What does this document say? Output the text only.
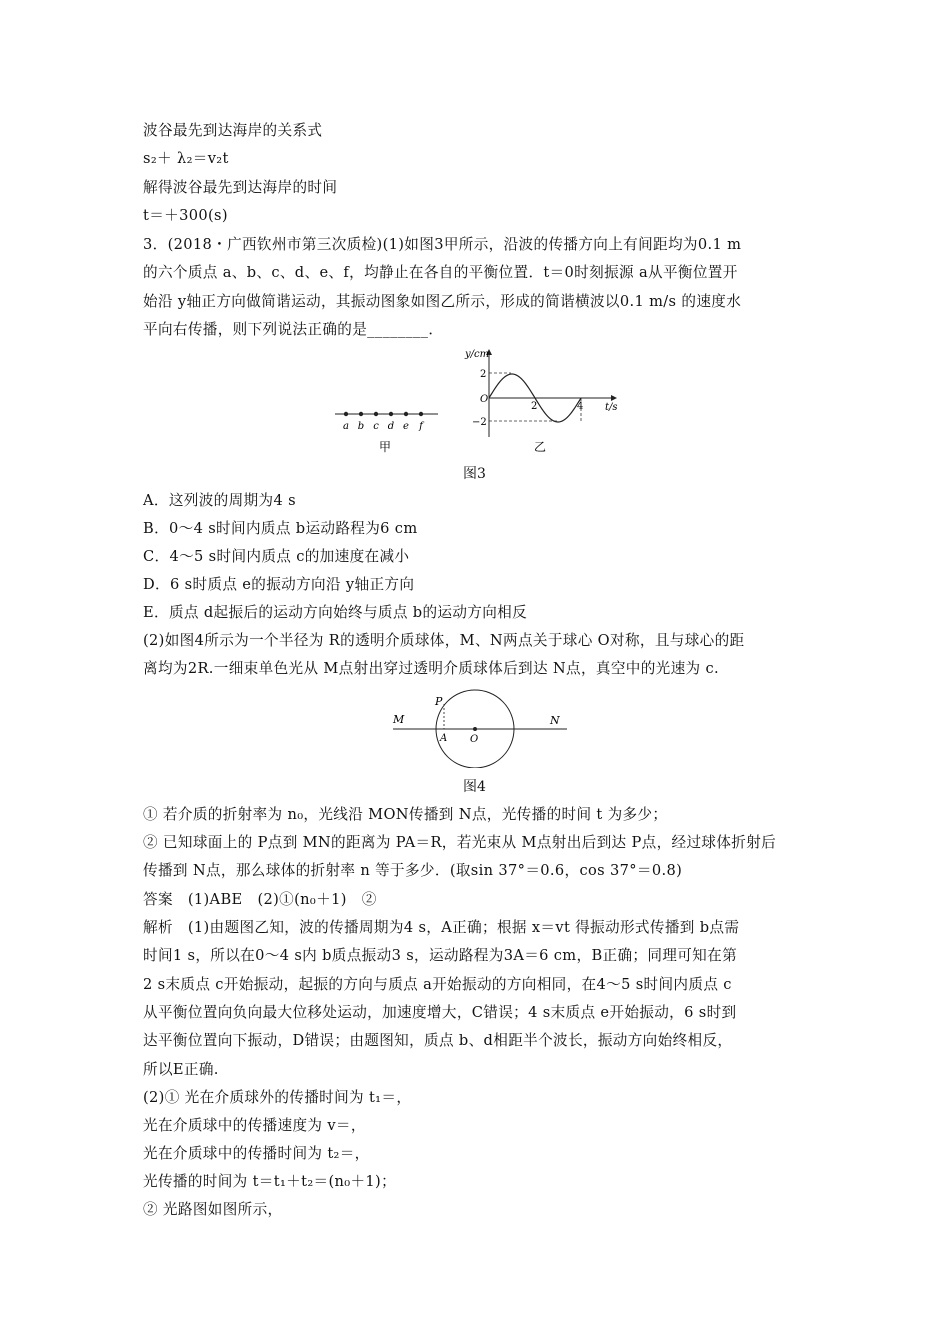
波谷最先到达海岸的关系式
s₂＋ λ₂＝v₂t
解得波谷最先到达海岸的时间
t＝＋300(s)
3．(2018・广西钦州市第三次质检)(1)如图3甲所示，沿波的传播方向上有间距均为0.1 m
的六个质点 a、b、c、d、e、f，均静止在各自的平衡位置．t＝0时刻振源 a从平衡位置开
始沿 y轴正方向做简谐运动，其振动图象如图乙所示，形成的简谐横波以0.1 m/s 的速度水
平向右传播，则下列说法正确的是________．
a b c d e f
甲
y/cm
t/s
O
2
−2
2	4
乙
图3
A．这列波的周期为4 s
B．0～4 s时间内质点 b运动路程为6 cm
C．4～5 s时间内质点 c的加速度在减小
D．6 s时质点 e的振动方向沿 y轴正方向
E．质点 d起振后的运动方向始终与质点 b的运动方向相反
(2)如图4所示为一个半径为 R的透明介质球体，M、N两点关于球心 O对称，且与球心的距
离均为2R.一细束单色光从 M点射出穿过透明介质球体后到达 N点，真空中的光速为 c.
M	N
P
A O
图4
① 若介质的折射率为 n₀，光线沿 MON传播到 N点，光传播的时间 t 为多少；
② 已知球面上的 P点到 MN的距离为 PA＝R，若光束从 M点射出后到达 P点，经过球体折射后
传播到 N点，那么球体的折射率 n 等于多少．(取sin 37°＝0.6，cos 37°＝0.8)
答案　(1)ABE　(2)①(n₀＋1)　②
解析　(1)由题图乙知，波的传播周期为4 s，A正确；根据 x＝vt 得振动形式传播到 b点需
时间1 s，所以在0～4 s内 b质点振动3 s，运动路程为3A＝6 cm，B正确；同理可知在第
2 s末质点 c开始振动，起振的方向与质点 a开始振动的方向相同，在4～5 s时间内质点 c
从平衡位置向负向最大位移处运动，加速度增大，C错误；4 s末质点 e开始振动，6 s时到
达平衡位置向下振动，D错误；由题图知，质点 b、d相距半个波长，振动方向始终相反，
所以E正确.
(2)① 光在介质球外的传播时间为 t₁＝，
光在介质球中的传播速度为 v＝，
光在介质球中的传播时间为 t₂＝，
光传播的时间为 t＝t₁＋t₂＝(n₀＋1)；
② 光路图如图所示，
